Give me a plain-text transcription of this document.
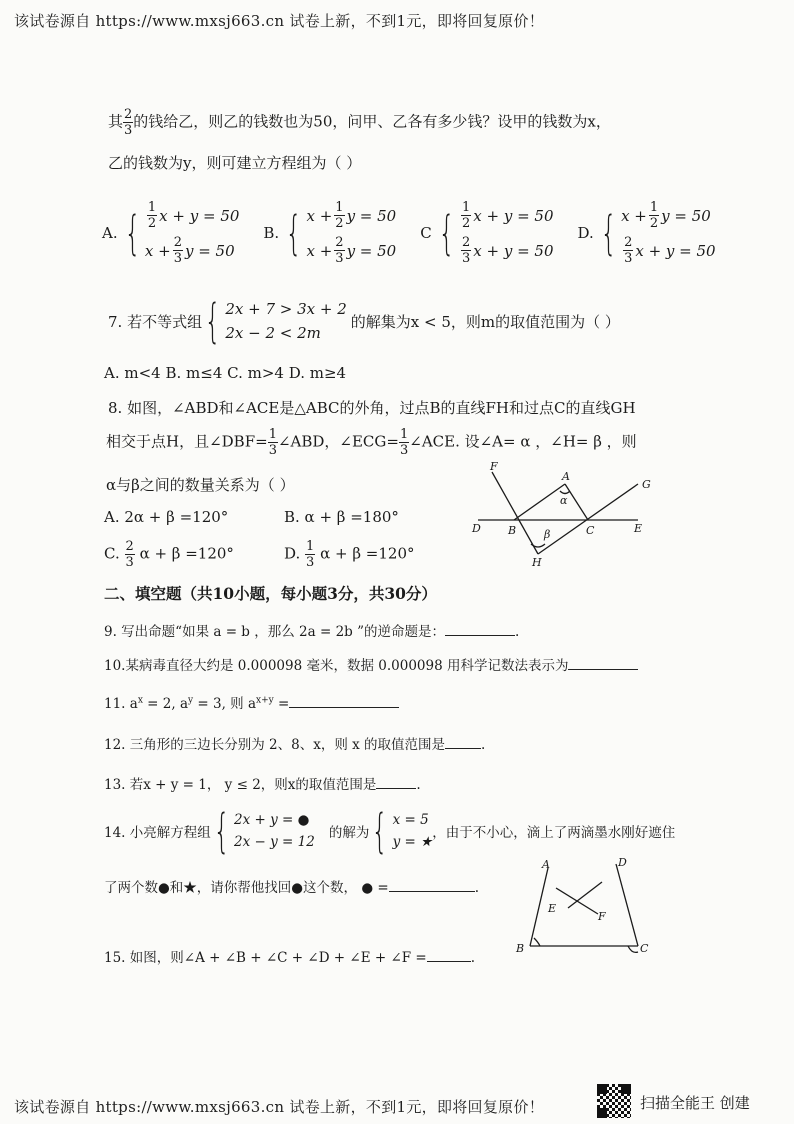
该试卷源自 https://www.mxsj663.cn 试卷上新，不到1元，即将回复原价！
其 $\frac{2}{3}$ 的钱给乙，则乙的钱数也为50，问甲、乙各有多少钱？设甲的钱数为x，
乙的钱数为y，则可建立方程组为（ ）
A. { $\frac{1}{2}$ x + y = 50
$x + \frac{2}{3}$ y = 50
B. { $x + \frac{1}{2}$ y = 50
$x + \frac{2}{3}$ y = 50
C { $\frac{1}{2}$ x + y = 50
$\frac{2}{3}$ x + y = 50
D. { $x + \frac{1}{2}$ y = 50
$\frac{2}{3}$ x + y = 50
7. 若不等式组 { 2x + 7 > 3x + 2
2x − 2 < 2m
的解集为x < 5，则m的取值范围为（ ）
A. m<4 B. m≤4 C. m>4 D. m≥4
8. 如图，∠ABD和∠ACE是△ABC的外角，过点B的直线FH和过点C的直线GH
相交于点H，且∠DBF= $\frac{1}{3}$ ∠ABD，∠ECG= $\frac{1}{3}$ ∠ACE. 设∠A= α ，∠H= β ，则
α与β之间的数量关系为（ ）
A. 2α + β =120°	B. α + β =180°
C. $\frac{2}{3}$ α + β =120°	D. $\frac{1}{3}$ α + β =120°
F
A
G
D B	C	E
α
β
H
二、填空题（共10小题，每小题3分，共30分）
9. 写出命题“如果 a = b ，那么 2a = 2b ”的逆命题是：	.
10.某病毒直径大约是 0.000098 毫米，数据 0.000098 用科学记数法表示为
11. $a^x = 2$, $a^y = 3$, 则 $a^{x+y}$ =
12. 三角形的三边长分别为 2、8、x，则 x 的取值范围是	.
13. 若x + y = 1， y ≤ 2，则x的取值范围是	.
14. 小亮解方程组 { 2x + y = ●
2x − y = 12
的解为 { x = 5
y = ★
，由于不小心，滴上了两滴墨水刚好遮住
了两个数●和★，请你帮他找回●这个数， ● =	.
A	D
E
F
B	C
15. 如图，则∠A + ∠B + ∠C + ∠D + ∠E + ∠F =	.
该试卷源自 https://www.mxsj663.cn 试卷上新，不到1元，即将回复原价！	扫描全能王 创建
